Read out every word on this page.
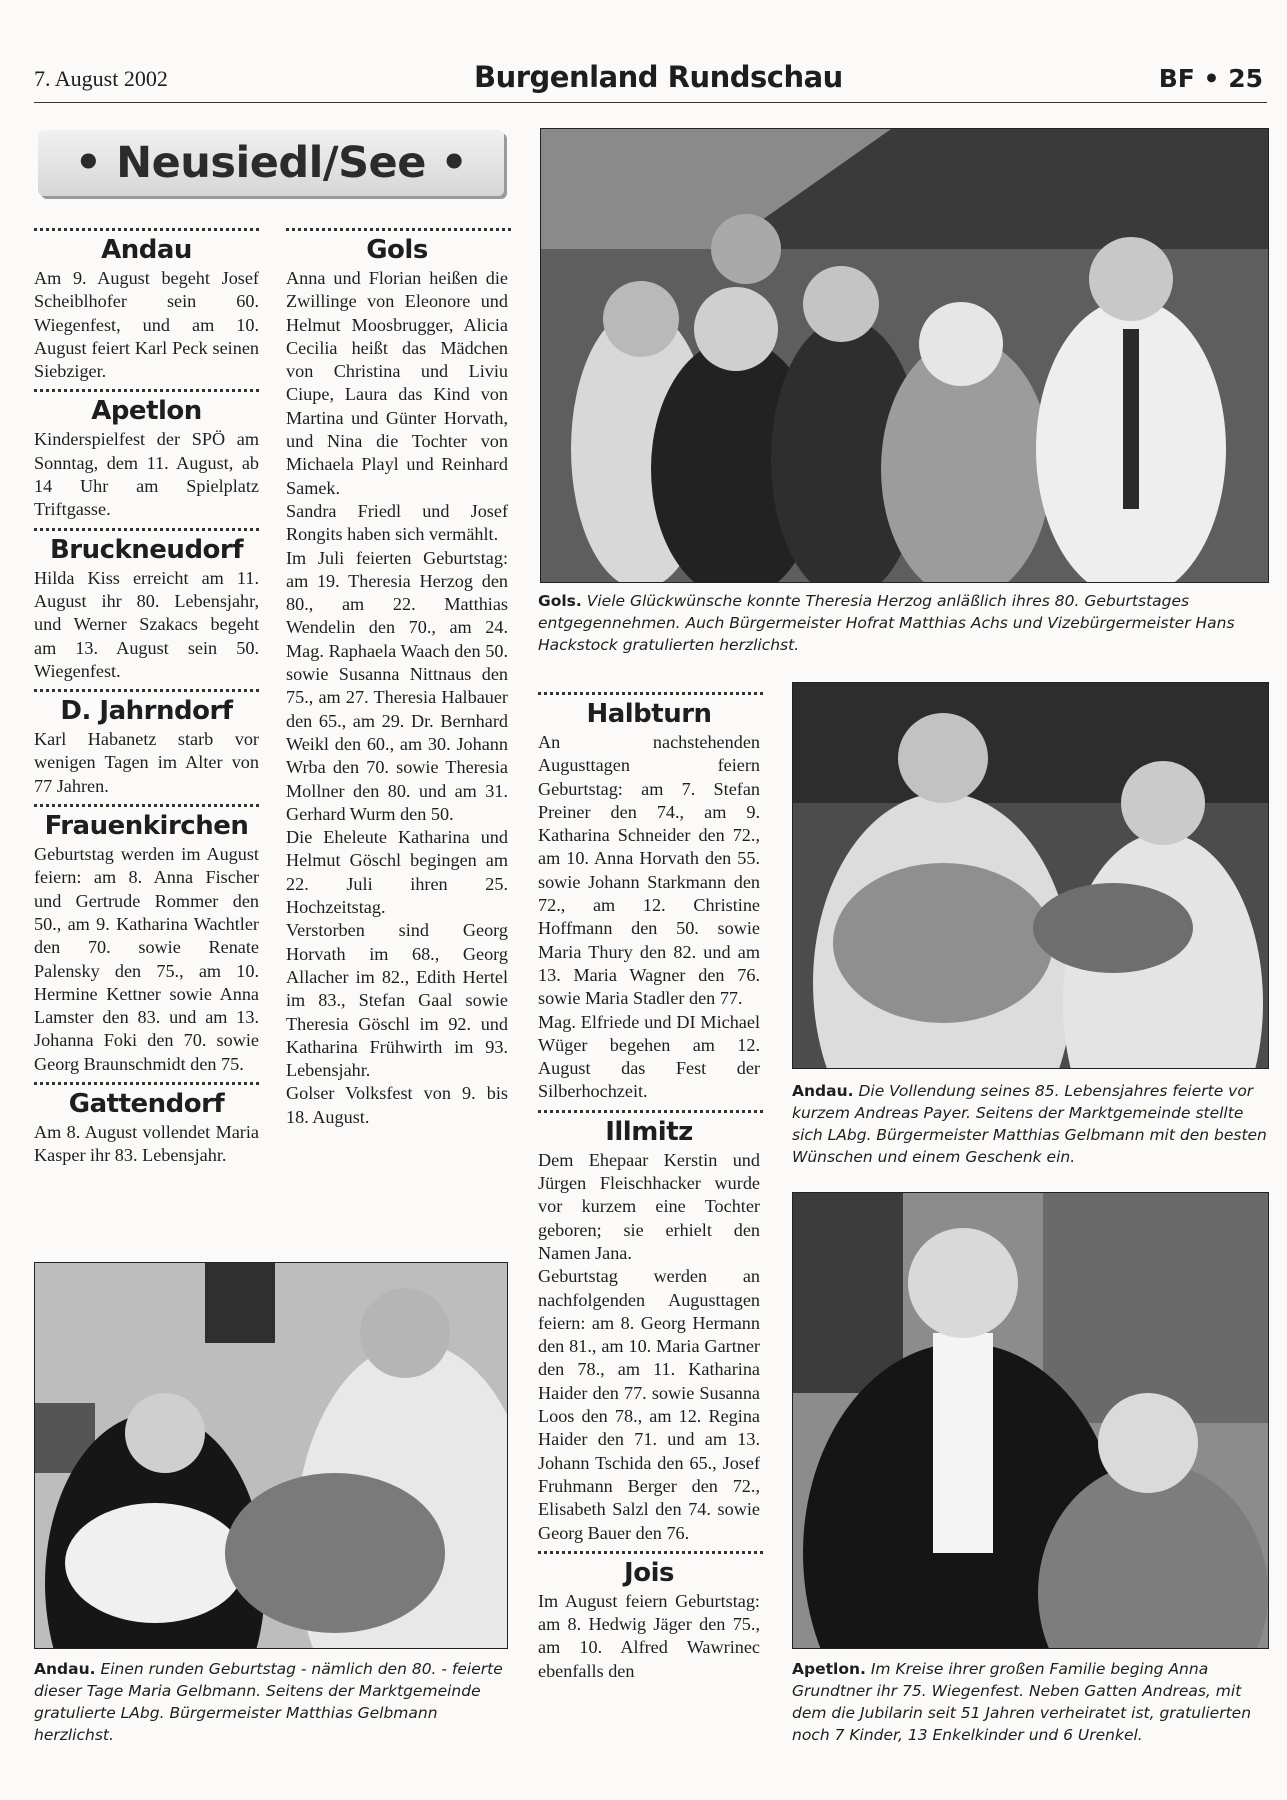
7. August 2002	Burgenland Rundschau	BF • 25
• Neusiedl/See •
Andau

Am 9. August begeht Josef Scheiblhofer sein 60. Wiegenfest, und am 10. August feiert Karl Peck seinen Siebziger.

Apetlon

Kinderspielfest der SPÖ am Sonntag, dem 11. August, ab 14 Uhr am Spielplatz Triftgasse.

Bruckneudorf

Hilda Kiss erreicht am 11. August ihr 80. Lebensjahr, und Werner Szakacs begeht am 13. August sein 50. Wiegenfest.

D. Jahrndorf

Karl Habanetz starb vor wenigen Tagen im Alter von 77 Jahren.

Frauenkirchen

Geburtstag werden im August feiern: am 8. Anna Fischer und Gertrude Rommer den 50., am 9. Katharina Wachtler den 70. sowie Renate Palensky den 75., am 10. Hermine Kettner sowie Anna Lamster den 83. und am 13. Johanna Foki den 70. sowie Georg Braunschmidt den 75.

Gattendorf

Am 8. August vollendet Maria Kasper ihr 83. Lebensjahr.

Gols

Anna und Florian heißen die Zwillinge von Eleonore und Helmut Moosbrugger, Alicia Cecilia heißt das Mädchen von Christina und Liviu Ciupe, Laura das Kind von Martina und Günter Horvath, und Nina die Tochter von Michaela Playl und Reinhard Samek.

Sandra Friedl und Josef Rongits haben sich vermählt.

Im Juli feierten Geburtstag: am 19. Theresia Herzog den 80., am 22. Matthias Wendelin den 70., am 24. Mag. Raphaela Waach den 50. sowie Susanna Nittnaus den 75., am 27. Theresia Halbauer den 65., am 29. Dr. Bernhard Weikl den 60., am 30. Johann Wrba den 70. sowie Theresia Mollner den 80. und am 31. Gerhard Wurm den 50.

Die Eheleute Katharina und Helmut Göschl begingen am 22. Juli ihren 25. Hochzeitstag.

Verstorben sind Georg Horvath im 68., Georg Allacher im 82., Edith Hertel im 83., Stefan Gaal sowie Theresia Göschl im 92. und Katharina Frühwirth im 93. Lebensjahr.

Golser Volksfest von 9. bis 18. August.

Halbturn

An nachstehenden Augusttagen feiern Geburtstag: am 7. Stefan Preiner den 74., am 9. Katharina Schneider den 72., am 10. Anna Horvath den 55. sowie Johann Starkmann den 72., am 12. Christine Hoffmann den 50. sowie Maria Thury den 82. und am 13. Maria Wagner den 76. sowie Maria Stadler den 77.

Mag. Elfriede und DI Michael Wüger begehen am 12. August das Fest der Silberhochzeit.

Illmitz

Dem Ehepaar Kerstin und Jürgen Fleischhacker wurde vor kurzem eine Tochter geboren; sie erhielt den Namen Jana.

Geburtstag werden an nachfolgenden Augusttagen feiern: am 8. Georg Hermann den 81., am 10. Maria Gartner den 78., am 11. Katharina Haider den 77. sowie Susanna Loos den 78., am 12. Regina Haider den 71. und am 13. Johann Tschida den 65., Josef Fruhmann Berger den 72., Elisabeth Salzl den 74. sowie Georg Bauer den 76.

Jois

Im August feiern Geburtstag: am 8. Hedwig Jäger den 75., am 10. Alfred Wawrinec ebenfalls den

Gols. Viele Glückwünsche konnte Theresia Herzog anläßlich ihres 80. Geburtstages entgegennehmen. Auch Bürgermeister Hofrat Matthias Achs und Vizebürgermeister Hans Hackstock gratulierten herzlichst.
Andau. Die Vollendung seines 85. Lebensjahres feierte vor kurzem Andreas Payer. Seitens der Marktgemeinde stellte sich LAbg. Bürgermeister Matthias Gelbmann mit den besten Wünschen und einem Geschenk ein.
Andau. Einen runden Geburtstag - nämlich den 80. - feierte dieser Tage Maria Gelbmann. Seitens der Marktgemeinde gratulierte LAbg. Bürgermeister Matthias Gelbmann herzlichst.
Apetlon. Im Kreise ihrer großen Familie beging Anna Grundtner ihr 75. Wiegenfest. Neben Gatten Andreas, mit dem die Jubilarin seit 51 Jahren verheiratet ist, gratulierten noch 7 Kinder, 13 Enkelkinder und 6 Urenkel.
